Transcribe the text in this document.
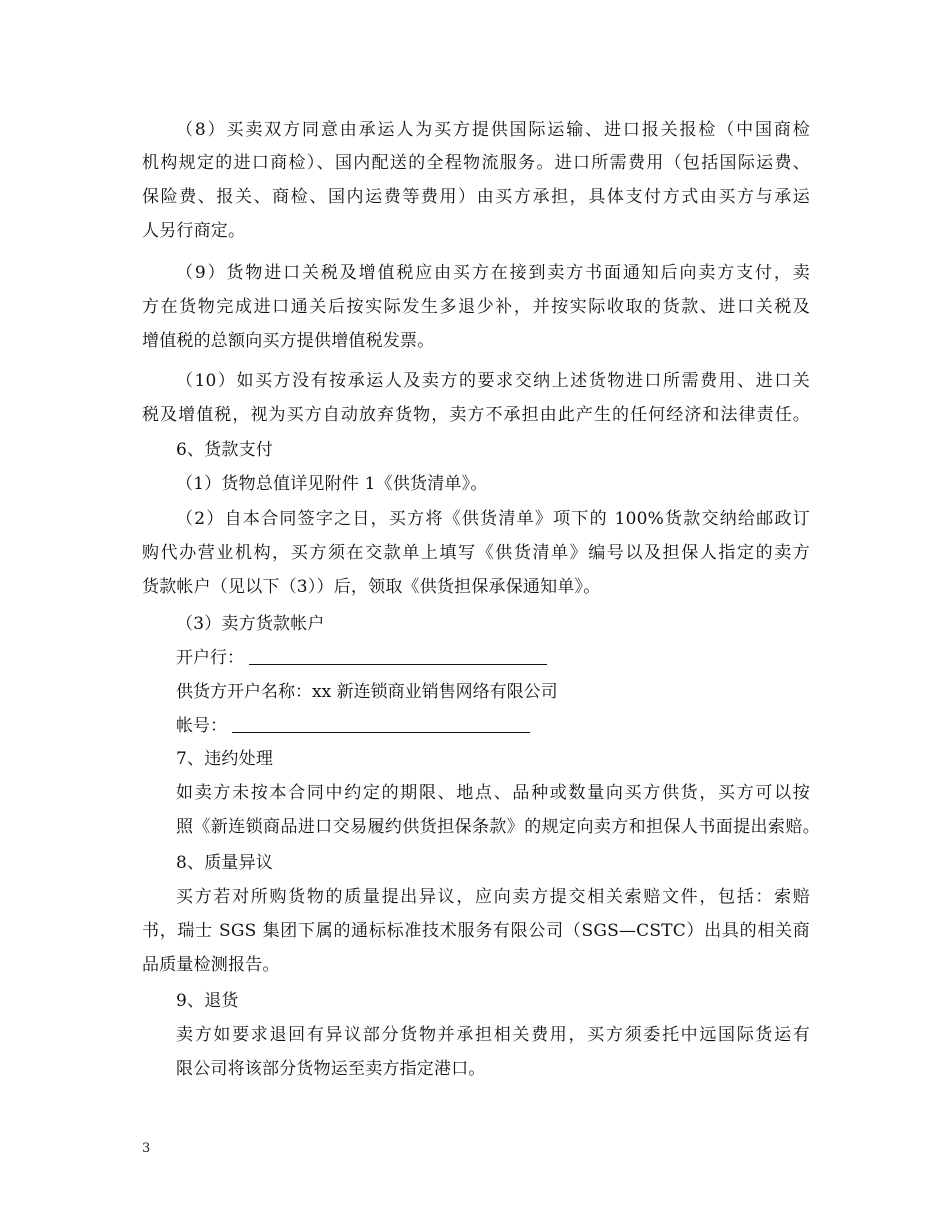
（8）买卖双方同意由承运人为买方提供国际运输、进口报关报检（中国商检
机构规定的进口商检）、国内配送的全程物流服务。进口所需费用（包括国际运费、
保险费、报关、商检、国内运费等费用）由买方承担，具体支付方式由买方与承运
人另行商定。
（9）货物进口关税及增值税应由买方在接到卖方书面通知后向卖方支付，卖
方在货物完成进口通关后按实际发生多退少补，并按实际收取的货款、进口关税及
增值税的总额向买方提供增值税发票。
（10）如买方没有按承运人及卖方的要求交纳上述货物进口所需费用、进口关
税及增值税，视为买方自动放弃货物，卖方不承担由此产生的任何经济和法律责任。
6、货款支付
（1）货物总值详见附件 1《供货清单》。
（2）自本合同签字之日，买方将《供货清单》项下的 100%货款交纳给邮政订
购代办营业机构，买方须在交款单上填写《供货清单》编号以及担保人指定的卖方
货款帐户（见以下（3））后，领取《供货担保承保通知单》。
（3）卖方货款帐户
开户行：
供货方开户名称：xx 新连锁商业销售网络有限公司
帐号：
7、违约处理
如卖方未按本合同中约定的期限、地点、品种或数量向买方供货，买方可以按
照《新连锁商品进口交易履约供货担保条款》的规定向卖方和担保人书面提出索赔。
8、质量异议
买方若对所购货物的质量提出异议，应向卖方提交相关索赔文件，包括：索赔
书，瑞士 SGS 集团下属的通标标准技术服务有限公司（SGS—CSTC）出具的相关商
品质量检测报告。
9、退货
卖方如要求退回有异议部分货物并承担相关费用，买方须委托中远国际货运有
限公司将该部分货物运至卖方指定港口。
3
